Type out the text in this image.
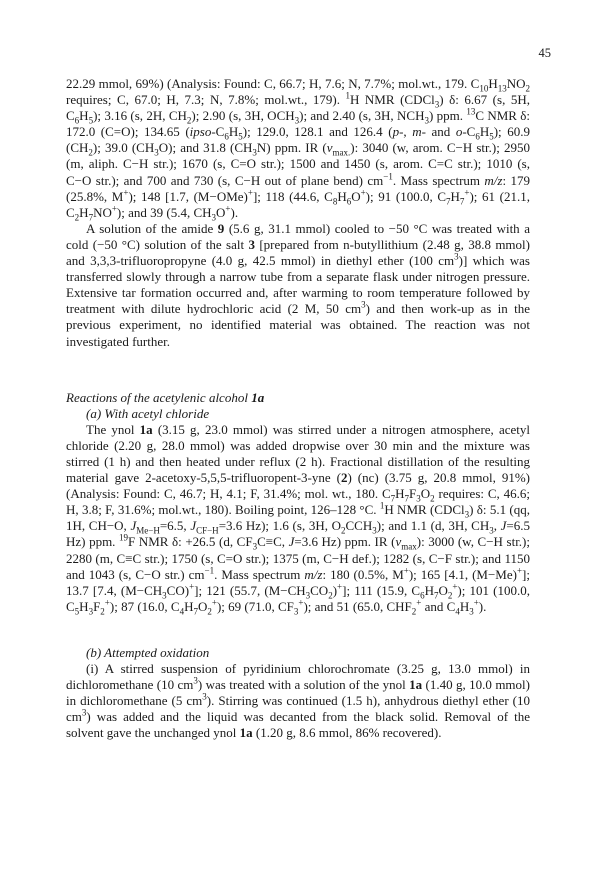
45

22.29 mmol, 69%) (Analysis: Found: C, 66.7; H, 7.6; N, 7.7%; mol.wt., 179. $C_{10}H_{13}NO_2$ requires; C, 67.0; H, 7.3; N, 7.8%; mol.wt., 179). $^1$H NMR (CDCl$_3$) δ: 6.67 (s, 5H, $C_6H_5$); 3.16 (s, 2H, $CH_2$); 2.90 (s, 3H, $OCH_3$); and 2.40 (s, 3H, $NCH_3$) ppm. $^{13}$C NMR δ: 172.0 (C=O); 134.65 $(ipso-C_6H_5)$; 129.0, 128.1 and 126.4 (p-, m- and $o-C_6H_5$); 60.9 $(CH_2)$; 39.0 $(CH_3O)$; and 31.8 $(CH_3N)$ ppm. IR $(\nu_{max.})$: 3040 (w, arom. C−H str.); 2950 (m, aliph. C−H str.); 1670 (s, C=O str.); 1500 and 1450 (s, arom. C=C str.); 1010 (s, C−O str.); and 700 and 730 (s, C−H out of plane bend) $cm^{-1}$. Mass spectrum m/z: 179 (25.8%, M+); 148 [1.7, (M−OMe)+]; 118 (44.6, $C_8H_6O^+$); 91 (100.0, $C_7H_7^+$); 61 (21.1, $C_2H_7NO^+$); and 39 (5.4, $CH_3O^+$).

A solution of the amide 9 (5.6 g, 31.1 mmol) cooled to −50 °C was treated with a cold (−50 °C) solution of the salt 3 [prepared from n-butyllithium (2.48 g, 38.8 mmol) and 3,3,3-trifluoropropyne (4.0 g, 42.5 mmol) in diethyl ether (100 $cm^3$)] which was transferred slowly through a narrow tube from a separate flask under nitrogen pressure. Extensive tar formation occurred and, after warming to room temperature followed by treatment with dilute hydrochloric acid (2 M, 50 $cm^3$) and then work-up as in the previous experiment, no identified material was obtained. The reaction was not investigated further.

Reactions of the acetylenic alcohol 1a

(a) With acetyl chloride

The ynol 1a (3.15 g, 23.0 mmol) was stirred under a nitrogen atmosphere, acetyl chloride (2.20 g, 28.0 mmol) was added dropwise over 30 min and the mixture was stirred (1 h) and then heated under reflux (2 h). Fractional distillation of the resulting material gave 2-acetoxy-5,5,5-trifluoropent-3-yne (2) (nc) (3.75 g, 20.8 mmol, 91%) (Analysis: Found: C, 46.7; H, 4.1; F, 31.4%; mol. wt., 180. $C_7H_7F_3O_2$ requires: C, 46.6; H, 3.8; F, 31.6%; mol.wt., 180). Boiling point, 126–128 °C. $^1$H NMR (CDCl$_3$) δ: 5.1 (qq, 1H, CH−O, $J_{Me-H}=6.5$, $J_{CF-H}=3.6$ Hz); 1.6 (s, 3H, $O_2CCH_3$); and 1.1 (d, 3H, $CH_3$, J=6.5 Hz) ppm. $^{19}$F NMR δ: +26.5 (d, $CF_3C\equiv C$, J=3.6 Hz) ppm. IR $(\nu_{max})$: 3000 (w, C−H str.); 2280 (m, C≡C str.); 1750 (s, C=O str.); 1375 (m, C−H def.); 1282 (s, C−F str.); and 1150 and 1043 (s, C−O str.) $cm^{-1}$. Mass spectrum m/z: 180 (0.5%, M+); 165 [4.1, (M−Me)+]; 13.7 [7.4, $(M-CH_3CO)^+$]; 121 (55.7, $(M-CH_3CO_2)^+$]; 111 (15.9, $C_6H_7O_2^+$); 101 (100.0, $C_5H_3F_2^+$); 87 (16.0, $C_4H_7O_2^+$); 69 (71.0, $CF_3^+$); and 51 (65.0, $CHF_2^+$ and $C_4H_3^+$).

(b) Attempted oxidation

(i) A stirred suspension of pyridinium chlorochromate (3.25 g, 13.0 mmol) in dichloromethane (10 $cm^3$) was treated with a solution of the ynol 1a (1.40 g, 10.0 mmol) in dichloromethane (5 $cm^3$). Stirring was continued (1.5 h), anhydrous diethyl ether (10 $cm^3$) was added and the liquid was decanted from the black solid. Removal of the solvent gave the unchanged ynol 1a (1.20 g, 8.6 mmol, 86% recovered).
